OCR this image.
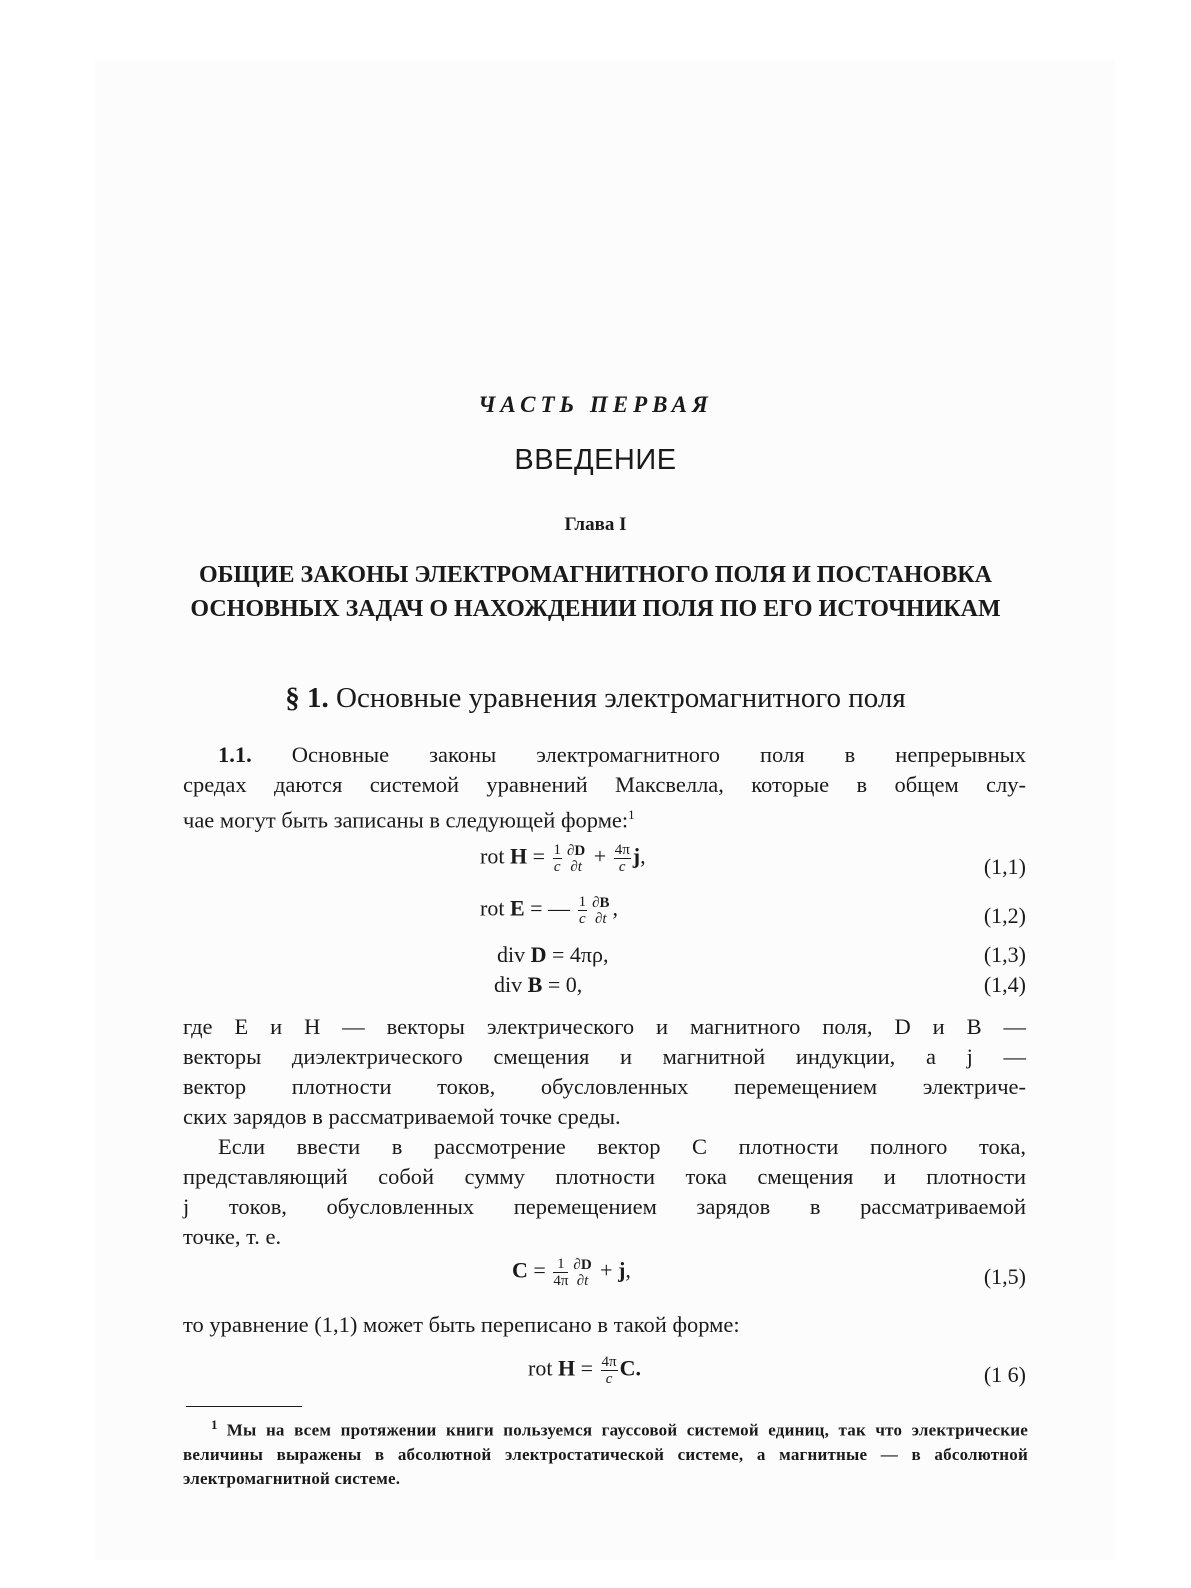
ЧАСТЬ ПЕРВАЯ
ВВЕДЕНИЕ
Глава I
ОБЩИЕ ЗАКОНЫ ЭЛЕКТРОМАГНИТНОГО ПОЛЯ И ПОСТАНОВКА ОСНОВНЫХ ЗАДАЧ О НАХОЖДЕНИИ ПОЛЯ ПО ЕГО ИСТОЧНИКАМ
§ 1. Основные уравнения электромагнитного поля
1.1. Основные законы электромагнитного поля в непрерывных
средах даются системой уравнений Максвелла, которые в общем слу-
чае могут быть записаны в следующей форме:$^1$
rot $H = \frac{1}{c} \partial D$
$\partial t + \frac{4\pi}{c} j$,	(1,1)
rot E = — $\frac{1}{c} \partial B$
∂t ,	(1,2)
div D = 4πρ,	(1,3)
div B = 0,	(1,4)
где E и H — векторы электрического и магнитного поля, D и B —
векторы диэлектрического смещения и магнитной индукции, а j —
вектор плотности токов, обусловленных перемещением электриче-
ских зарядов в рассматриваемой точке среды.
Если ввести в рассмотрение вектор C плотности полного тока,
представляющий собой сумму плотности тока смещения и плотности
j токов, обусловленных перемещением зарядов в рассматриваемой
точке, т. е.
$C = \frac{1}{4\pi} \partial D$
∂t + j,	(1,5)
то уравнение (1,1) может быть переписано в такой форме:
rot $H = \frac{4\pi}{c} C$.	(1 6)
$^1$ Мы на всем протяжении книги пользуемся гауссовой системой единиц, так что электрические величины выражены в абсолютной электростатической системе, а магнитные — в абсолютной электромагнитной системе.
